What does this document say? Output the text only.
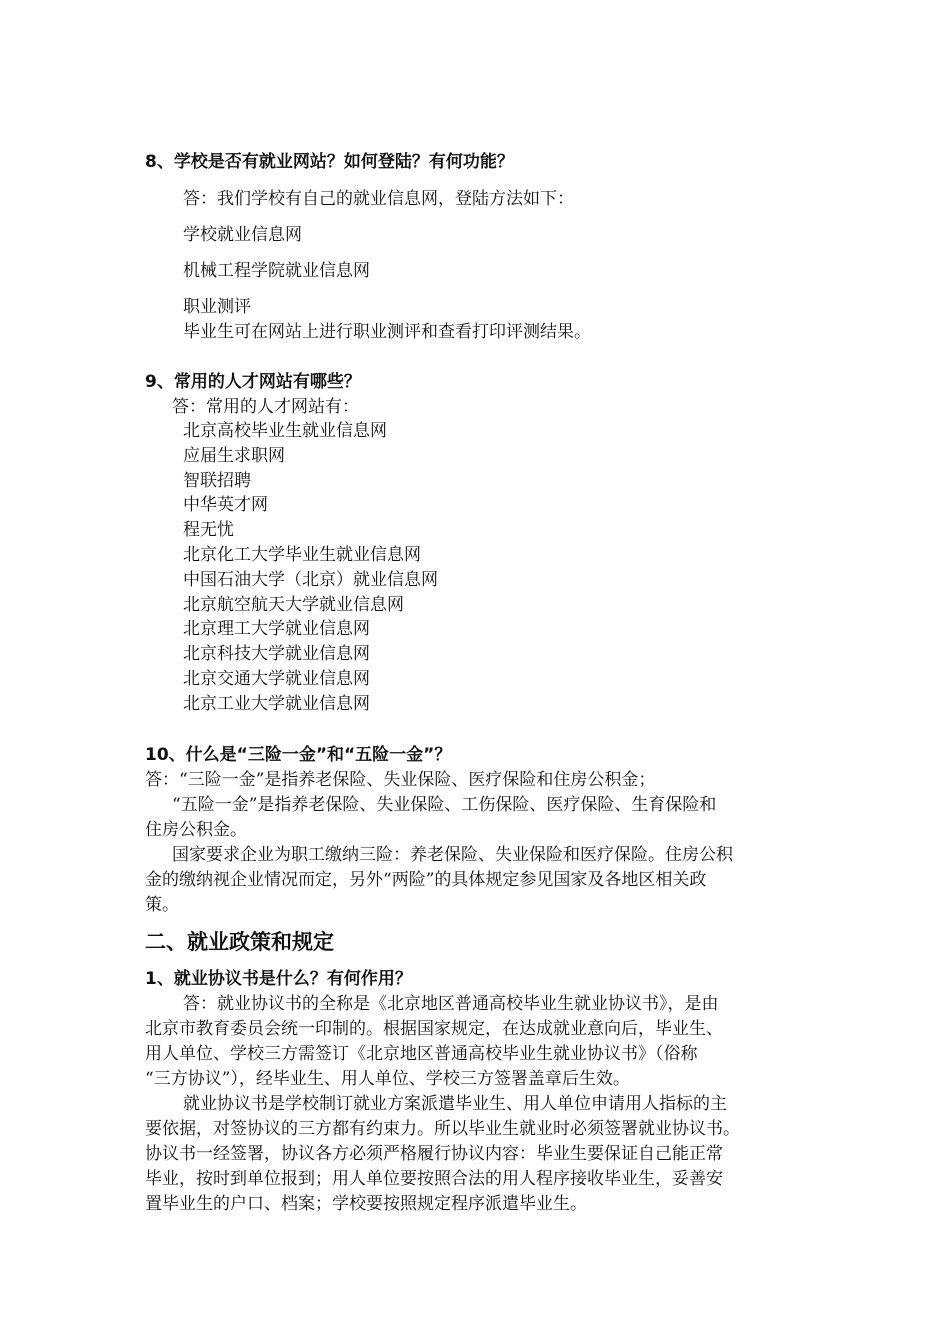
8、学校是否有就业网站？如何登陆？有何功能？
答：我们学校有自己的就业信息网，登陆方法如下：
学校就业信息网
机械工程学院就业信息网
职业测评
毕业生可在网站上进行职业测评和查看打印评测结果。
9、常用的人才网站有哪些？
答：常用的人才网站有：
北京高校毕业生就业信息网
应届生求职网
智联招聘
中华英才网
程无忧
北京化工大学毕业生就业信息网
中国石油大学（北京）就业信息网
北京航空航天大学就业信息网
北京理工大学就业信息网
北京科技大学就业信息网
北京交通大学就业信息网
北京工业大学就业信息网
10、什么是“三险一金”和“五险一金”？
答：“三险一金”是指养老保险、失业保险、医疗保险和住房公积金；
“五险一金”是指养老保险、失业保险、工伤保险、医疗保险、生育保险和
住房公积金。
国家要求企业为职工缴纳三险：养老保险、失业保险和医疗保险。住房公积
金的缴纳视企业情况而定，另外“两险”的具体规定参见国家及各地区相关政
策。
二、就业政策和规定
1、就业协议书是什么？有何作用？
答：就业协议书的全称是《北京地区普通高校毕业生就业协议书》，是由
北京市教育委员会统一印制的。根据国家规定，在达成就业意向后，毕业生、
用人单位、学校三方需签订《北京地区普通高校毕业生就业协议书》（俗称
“三方协议”），经毕业生、用人单位、学校三方签署盖章后生效。
就业协议书是学校制订就业方案派遣毕业生、用人单位申请用人指标的主
要依据，对签协议的三方都有约束力。所以毕业生就业时必须签署就业协议书。
协议书一经签署，协议各方必须严格履行协议内容：毕业生要保证自己能正常
毕业，按时到单位报到；用人单位要按照合法的用人程序接收毕业生，妥善安
置毕业生的户口、档案；学校要按照规定程序派遣毕业生。
